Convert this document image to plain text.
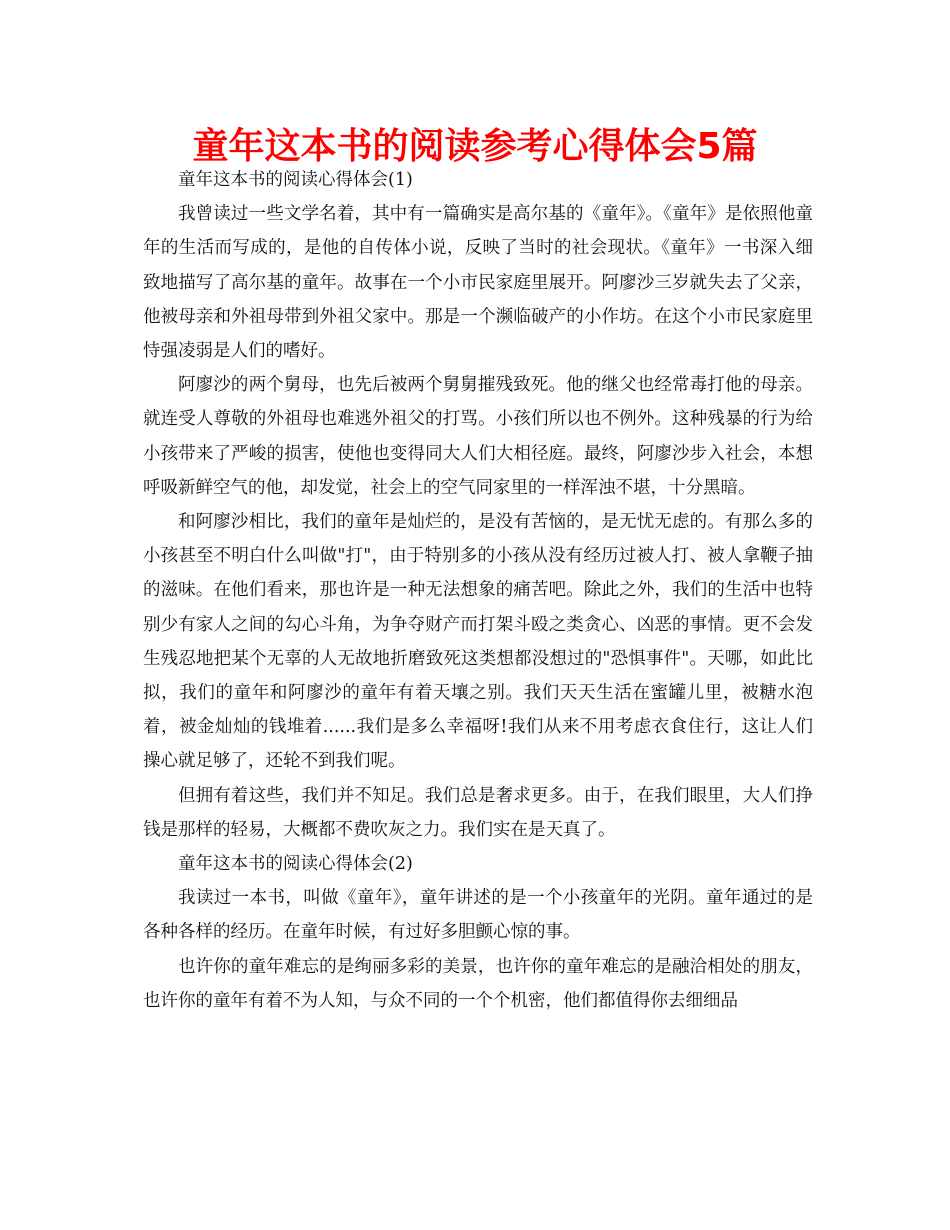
童年这本书的阅读参考心得体会5篇

童年这本书的阅读心得体会(1)

我曾读过一些文学名着，其中有一篇确实是高尔基的《童年》。《童年》是依照他童年的生活而写成的，是他的自传体小说，反映了当时的社会现状。《童年》一书深入细致地描写了高尔基的童年。故事在一个小市民家庭里展开。阿廖沙三岁就失去了父亲，他被母亲和外祖母带到外祖父家中。那是一个濒临破产的小作坊。在这个小市民家庭里恃强凌弱是人们的嗜好。

阿廖沙的两个舅母，也先后被两个舅舅摧残致死。他的继父也经常毒打他的母亲。就连受人尊敬的外祖母也难逃外祖父的打骂。小孩们所以也不例外。这种残暴的行为给小孩带来了严峻的损害，使他也变得同大人们大相径庭。最终，阿廖沙步入社会，本想呼吸新鲜空气的他，却发觉，社会上的空气同家里的一样浑浊不堪，十分黑暗。

和阿廖沙相比，我们的童年是灿烂的，是没有苦恼的，是无忧无虑的。有那么多的小孩甚至不明白什么叫做"打"，由于特别多的小孩从没有经历过被人打、被人拿鞭子抽的滋味。在他们看来，那也许是一种无法想象的痛苦吧。除此之外，我们的生活中也特别少有家人之间的勾心斗角，为争夺财产而打架斗殴之类贪心、凶恶的事情。更不会发生残忍地把某个无辜的人无故地折磨致死这类想都没想过的"恐惧事件"。天哪，如此比拟，我们的童年和阿廖沙的童年有着天壤之别。我们天天生活在蜜罐儿里，被糖水泡着，被金灿灿的钱堆着......我们是多么幸福呀!我们从来不用考虑衣食住行，这让人们操心就足够了，还轮不到我们呢。

但拥有着这些，我们并不知足。我们总是奢求更多。由于，在我们眼里，大人们挣钱是那样的轻易，大概都不费吹灰之力。我们实在是天真了。

童年这本书的阅读心得体会(2)

我读过一本书，叫做《童年》，童年讲述的是一个小孩童年的光阴。童年通过的是各种各样的经历。在童年时候，有过好多胆颤心惊的事。

也许你的童年难忘的是绚丽多彩的美景，也许你的童年难忘的是融洽相处的朋友，也许你的童年有着不为人知，与众不同的一个个机密，他们都值得你去细细品
